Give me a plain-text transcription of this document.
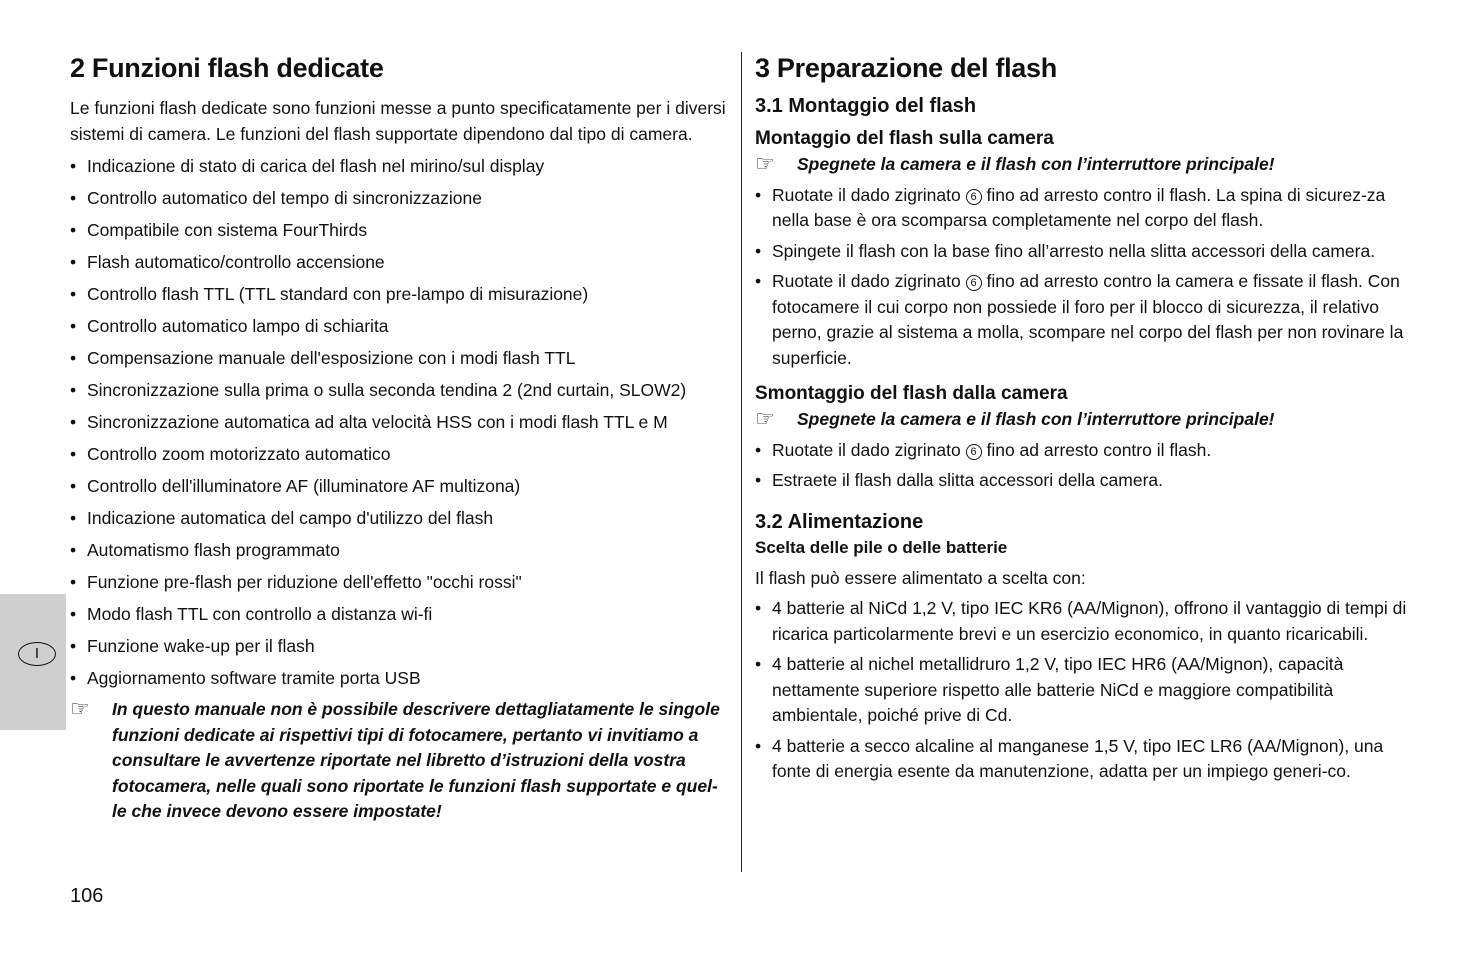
2 Funzioni flash dedicate

Le funzioni flash dedicate sono funzioni messe a punto specificatamente per i diversi sistemi di camera. Le funzioni del flash supportate dipendono dal tipo di camera.

• Indicazione di stato di carica del flash nel mirino/sul display
• Controllo automatico del tempo di sincronizzazione
• Compatibile con sistema FourThirds
• Flash automatico/controllo accensione
• Controllo flash TTL (TTL standard con pre-lampo di misurazione)
• Controllo automatico lampo di schiarita
• Compensazione manuale dell'esposizione con i modi flash TTL
• Sincronizzazione sulla prima o sulla seconda tendina 2 (2nd curtain, SLOW2)
• Sincronizzazione automatica ad alta velocità HSS con i modi flash TTL e M
• Controllo zoom motorizzato automatico
• Controllo dell'illuminatore AF (illuminatore AF multizona)
• Indicazione automatica del campo d'utilizzo del flash
• Automatismo flash programmato
• Funzione pre-flash per riduzione dell'effetto "occhi rossi"
• Modo flash TTL con controllo a distanza wi-fi
• Funzione wake-up per il flash
• Aggiornamento software tramite porta USB
☞ In questo manuale non è possibile descrivere dettagliatamente le singole funzioni dedicate ai rispettivi tipi di fotocamere, pertanto vi invitiamo a consultare le avvertenze riportate nel libretto d’istruzioni della vostra fotocamera, nelle quali sono riportate le funzioni flash supportate e quel-le che invece devono essere impostate!
3 Preparazione del flash
3.1 Montaggio del flash
Montaggio del flash sulla camera
☞ Spegnete la camera e il flash con l’interruttore principale!
• Ruotate il dado zigrinato 6 fino ad arresto contro il flash. La spina di sicurez-za nella base è ora scomparsa completamente nel corpo del flash.
• Spingete il flash con la base fino all’arresto nella slitta accessori della camera.
• Ruotate il dado zigrinato 6 fino ad arresto contro la camera e fissate il flash. Con fotocamere il cui corpo non possiede il foro per il blocco di sicurezza, il relativo perno, grazie al sistema a molla, scompare nel corpo del flash per non rovinare la superficie.
Smontaggio del flash dalla camera
☞ Spegnete la camera e il flash con l’interruttore principale!
• Ruotate il dado zigrinato 6 fino ad arresto contro il flash.
• Estraete il flash dalla slitta accessori della camera.
3.2 Alimentazione
Scelta delle pile o delle batterie

Il flash può essere alimentato a scelta con:

• 4 batterie al NiCd 1,2 V, tipo IEC KR6 (AA/Mignon), offrono il vantaggio di tempi di ricarica particolarmente brevi e un esercizio economico, in quanto ricaricabili.
• 4 batterie al nichel metallidruro 1,2 V, tipo IEC HR6 (AA/Mignon), capacità nettamente superiore rispetto alle batterie NiCd e maggiore compatibilità ambientale, poiché prive di Cd.
• 4 batterie a secco alcaline al manganese 1,5 V, tipo IEC LR6 (AA/Mignon), una fonte di energia esente da manutenzione, adatta per un impiego generi-co.
I
106
